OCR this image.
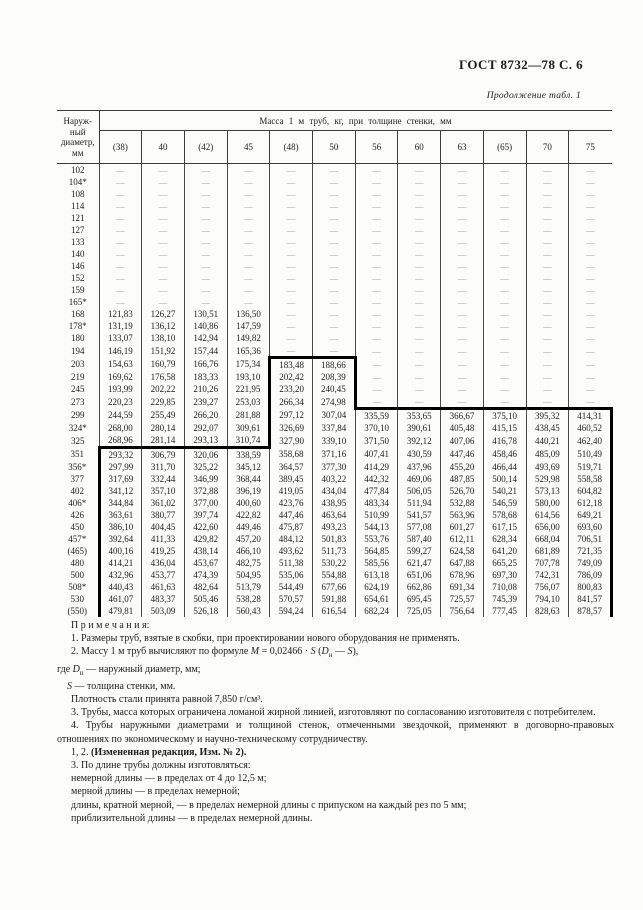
ГОСТ 8732—78 С. 6
Продолжение табл. 1
Наруж-
ный
диаметр,
мм	Масса 1 м труб, кг, при толщине стенки, мм											
	(38)	40	(42)	45	(48)	50	56	60	63	(65)	70	75
102	—	—	—	—	—	—	—	—	—	—	—	—
104*	—	—	—	—	—	—	—	—	—	—	—	—
108	—	—	—	—	—	—	—	—	—	—	—	—
114	—	—	—	—	—	—	—	—	—	—	—	—
121	—	—	—	—	—	—	—	—	—	—	—	—
127	—	—	—	—	—	—	—	—	—	—	—	—
133	—	—	—	—	—	—	—	—	—	—	—	—
140	—	—	—	—	—	—	—	—	—	—	—	—
146	—	—	—	—	—	—	—	—	—	—	—	—
152	—	—	—	—	—	—	—	—	—	—	—	—
159	—	—	—	—	—	—	—	—	—	—	—	—
165*	—	—	—	—	—	—	—	—	—	—	—	—
168	121,83	126,27	130,51	136,50	—	—	—	—	—	—	—	—
178*	131,19	136,12	140,86	147,59	—	—	—	—	—	—	—	—
180	133,07	138,10	142,94	149,82	—	—	—	—	—	—	—	—
194	146,19	151,92	157,44	165,36	—	—	—	—	—	—	—	—
203	154,63	160,79	166,76	175,34	183,48	188,66	—	—	—	—	—	—
219	169,62	176,58	183,33	193,10	202,42	208,39	—	—	—	—	—	—
245	193,99	202,22	210,26	221,95	233,20	240,45	—	—	—	—	—	—
273	220,23	229,85	239,27	253,03	266,34	274,98	—	—	—	—	—	—
299	244,59	255,49	266,20	281,88	297,12	307,04	335,59	353,65	366,67	375,10	395,32	414,31
324*	268,00	280,14	292,07	309,61	326,69	337,84	370,10	390,61	405,48	415,15	438,45	460,52
325	268,96	281,14	293,13	310,74	327,90	339,10	371,50	392,12	407,06	416,78	440,21	462,40
351	293,32	306,79	320,06	338,59	358,68	371,16	407,41	430,59	447,46	458,46	485,09	510,49
356*	297,99	311,70	325,22	345,12	364,57	377,30	414,29	437,96	455,20	466,44	493,69	519,71
377	317,69	332,44	346,99	368,44	389,45	403,22	442,32	469,06	487,85	500,14	529,98	558,58
402	341,12	357,10	372,88	396,19	419,05	434,04	477,84	506,05	526,70	540,21	573,13	604,82
406*	344,84	361,02	377,00	400,60	423,76	438,95	483,34	511,94	532,88	546,59	580,00	612,18
426	363,61	380,77	397,74	422,82	447,46	463,64	510,99	541,57	563,96	578,68	614,56	649,21
450	386,10	404,45	422,60	449,46	475,87	493,23	544,13	577,08	601,27	617,15	656,00	693,60
457*	392,64	411,33	429,82	457,20	484,12	501,83	553,76	587,40	612,11	628,34	668,04	706,51
(465)	400,16	419,25	438,14	466,10	493,62	511,73	564,85	599,27	624,58	641,20	681,89	721,35
480	414,21	436,04	453,67	482,75	511,38	530,22	585,56	621,47	647,88	665,25	707,78	749,09
500	432,96	453,77	474,39	504,95	535,06	554,88	613,18	651,06	678,96	697,30	742,31	786,09
508*	440,43	461,63	482,64	513,79	544,49	677,66	624,19	662,86	691,34	710,08	756,07	800,83
530	461,07	483,37	505,46	538,28	570,57	591,88	654,61	695,45	725,57	745,39	794,10	841,57
(550)	479,81	503,09	526,18	560,43	594,24	616,54	682,24	725,05	756,64	777,45	828,63	878,57

П р и м е ч а н и я:

1. Размеры труб, взятые в скобки, при проектировании нового оборудования не применять.

2. Массу 1 м труб вычисляют по формуле M = 0,02466 · S ($D_н$ — S),

где $D_н$ — наружный диаметр, мм;

S — толщина стенки, мм.

Плотность стали принята равной 7,850 г/см³.

3. Трубы, масса которых ограничена ломаной жирной линией, изготовляют по согласованию изготовителя с потребителем.

4. Трубы наружными диаметрами и толщиной стенок, отмеченными звездочкой, применяют в договорно-правовых отношениях по экономическому и научно-техническому сотрудничеству.

1, 2. (Измененная редакция, Изм. № 2).

3. По длине трубы должны изготовляться:

немерной длины — в пределах от 4 до 12,5 м;

мерной длины — в пределах немерной;

длины, кратной мерной, — в пределах немерной длины с припуском на каждый рез по 5 мм;

приблизительной длины — в пределах немерной длины.
